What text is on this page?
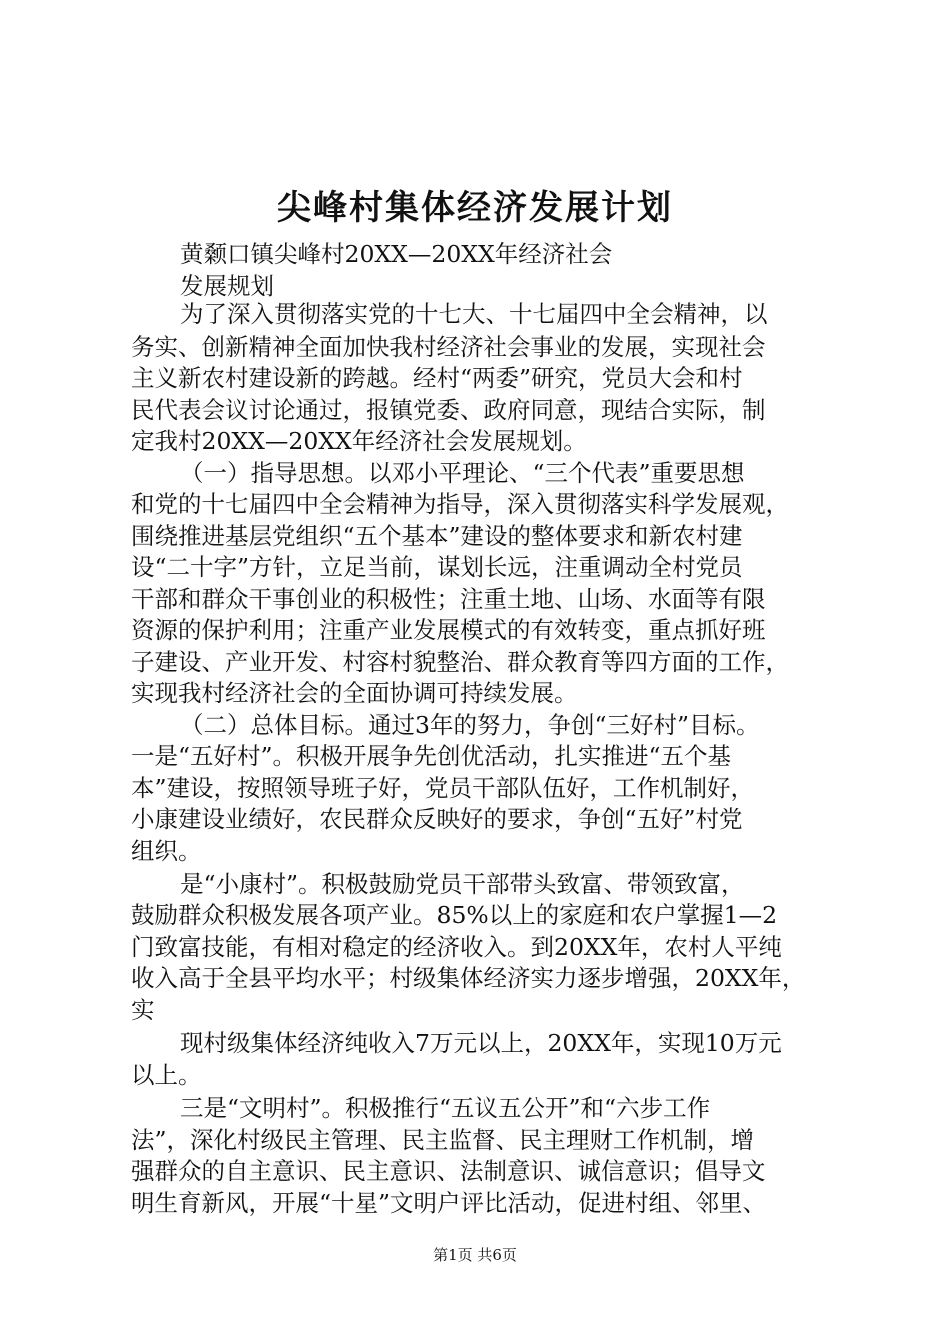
尖峰村集体经济发展计划
黄颡口镇尖峰村20XX—20XX年经济社会
发展规划
为了深入贯彻落实党的十七大、十七届四中全会精神，以
务实、创新精神全面加快我村经济社会事业的发展，实现社会
主义新农村建设新的跨越。经村“两委”研究，党员大会和村
民代表会议讨论通过，报镇党委、政府同意，现结合实际，制
定我村20XX—20XX年经济社会发展规划。
（一）指导思想。以邓小平理论、“三个代表”重要思想
和党的十七届四中全会精神为指导，深入贯彻落实科学发展观，
围绕推进基层党组织“五个基本”建设的整体要求和新农村建
设“二十字”方针，立足当前，谋划长远，注重调动全村党员
干部和群众干事创业的积极性；注重土地、山场、水面等有限
资源的保护利用；注重产业发展模式的有效转变，重点抓好班
子建设、产业开发、村容村貌整治、群众教育等四方面的工作，
实现我村经济社会的全面协调可持续发展。
（二）总体目标。通过3年的努力，争创“三好村”目标。
一是“五好村”。积极开展争先创优活动，扎实推进“五个基
本”建设，按照领导班子好，党员干部队伍好，工作机制好，
小康建设业绩好，农民群众反映好的要求，争创“五好”村党
组织。
是“小康村”。积极鼓励党员干部带头致富、带领致富，
鼓励群众积极发展各项产业。85%以上的家庭和农户掌握1—2
门致富技能，有相对稳定的经济收入。到20XX年，农村人平纯
收入高于全县平均水平；村级集体经济实力逐步增强，20XX年，
实
现村级集体经济纯收入7万元以上，20XX年，实现10万元
以上。
三是“文明村”。积极推行“五议五公开”和“六步工作
法”，深化村级民主管理、民主监督、民主理财工作机制，增
强群众的自主意识、民主意识、法制意识、诚信意识；倡导文
明生育新风，开展“十星”文明户评比活动，促进村组、邻里、
第1页 共6页
